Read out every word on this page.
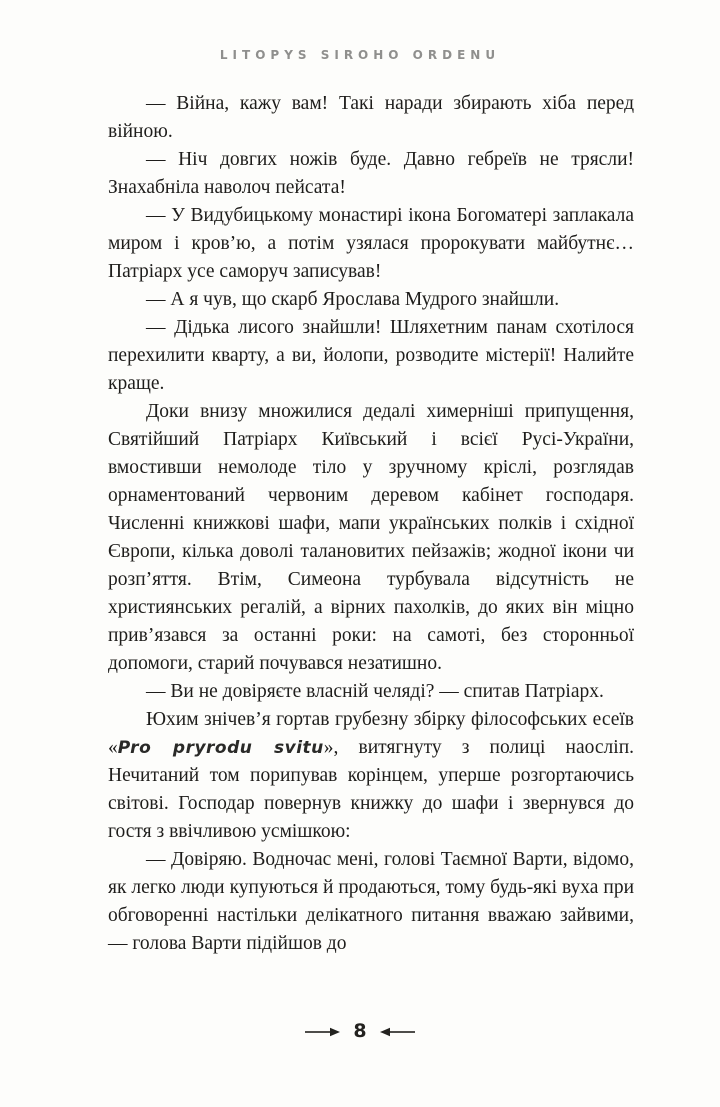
LITOPYS SIROHO ORDENU

— Війна, кажу вам! Такі наради збирають хіба перед війною.

— Ніч довгих ножів буде. Давно гебреїв не трясли! Знахабніла наволоч пейсата!

— У Видубицькому монастирі ікона Богоматері заплакала миром і кров’ю, а потім узялася пророкувати майбутнє… Патріарх усе саморуч записував!

— А я чув, що скарб Ярослава Мудрого знайшли.

— Дідька лисого знайшли! Шляхетним панам схотілося перехилити кварту, а ви, йолопи, розводите містерії! Налийте краще.

Доки внизу множилися дедалі химерніші припущення, Святійший Патріарх Київський і всієї Русі-України, вмостивши немолоде тіло у зручному кріслі, розглядав орнаментований червоним деревом кабінет господаря. Численні книжкові шафи, мапи українських полків і східної Європи, кілька доволі талановитих пейзажів; жодної ікони чи розп’яття. Втім, Симеона турбувала відсутність не християнських регалій, а вірних пахолків, до яких він міцно прив’язався за останні роки: на самоті, без сторонньої допомоги, старий почувався незатишно.

— Ви не довіряєте власній челяді? — спитав Патріарх.

Юхим знічев’я гортав грубезну збірку філософських есеїв «Pro pryrodu svitu», витягнуту з полиці наосліп. Нечитаний том порипував корінцем, уперше розгортаючись світові. Господар повернув книжку до шафи і звернувся до гостя з ввічливою усмішкою:

— Довіряю. Водночас мені, голові Таємної Варти, відомо, як легко люди купуються й продаються, тому будь-які вуха при обговоренні настільки делікатного питання вважаю зайвими, — голова Варти підійшов до

8
